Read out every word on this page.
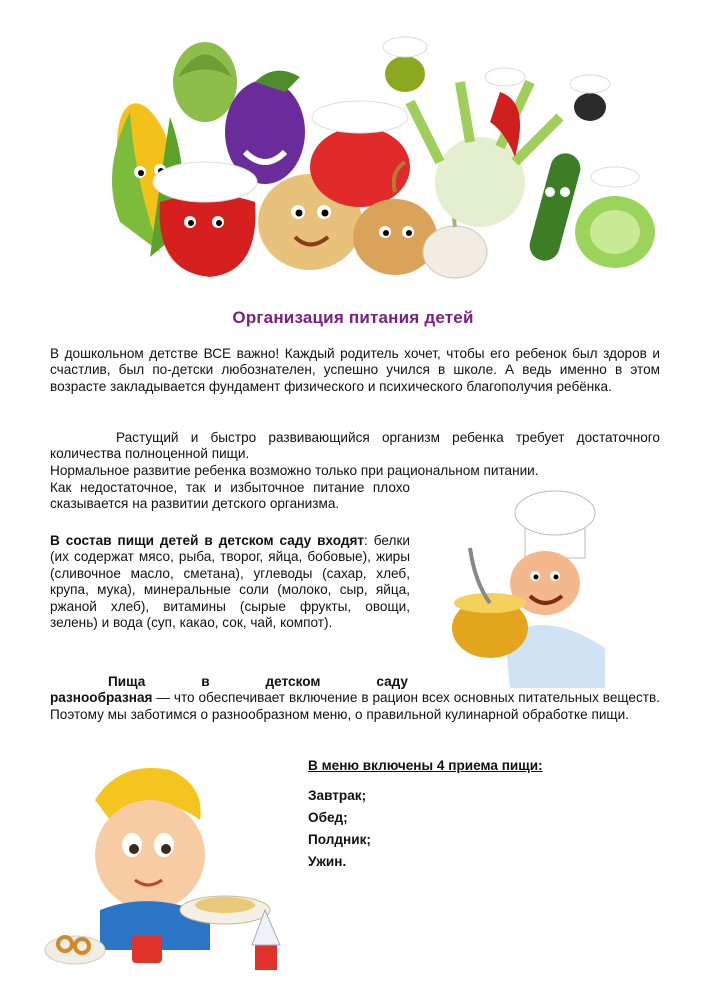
Организация питания детей
В дошкольном детстве ВСЕ важно! Каждый родитель хочет, чтобы его ребенок был здоров и счастлив, был по-детски любознателен, успешно учился в школе. А ведь именно в этом возрасте закладывается фундамент физического и психического благополучия ребёнка.
Растущий и быстро развивающийся организм ребенка требует достаточного количества полноценной пищи.
Нормальное развитие ребенка возможно только при рациональном питании.
Как недостаточное, так и избыточное питание плохо сказывается на развитии детского организма.
В состав пищи детей в детском саду входят: белки (их содержат мясо, рыба, творог, яйца, бобовые), жиры (сливочное масло, сметана), углеводы (сахар, хлеб, крупа, мука), минеральные соли (молоко, сыр, яйца, ржаной хлеб), витамины (сырые фрукты, овощи, зелень) и вода (суп, какао, сок, чай, компот).
Пища в детском саду
разнообразная — что обеспечивает включение в рацион всех основных питательных веществ. Поэтому мы заботимся о разнообразном меню, о правильной кулинарной обработке пищи.
В меню включены 4 приема пищи:
Завтрак;
Обед;
Полдник;
Ужин.
